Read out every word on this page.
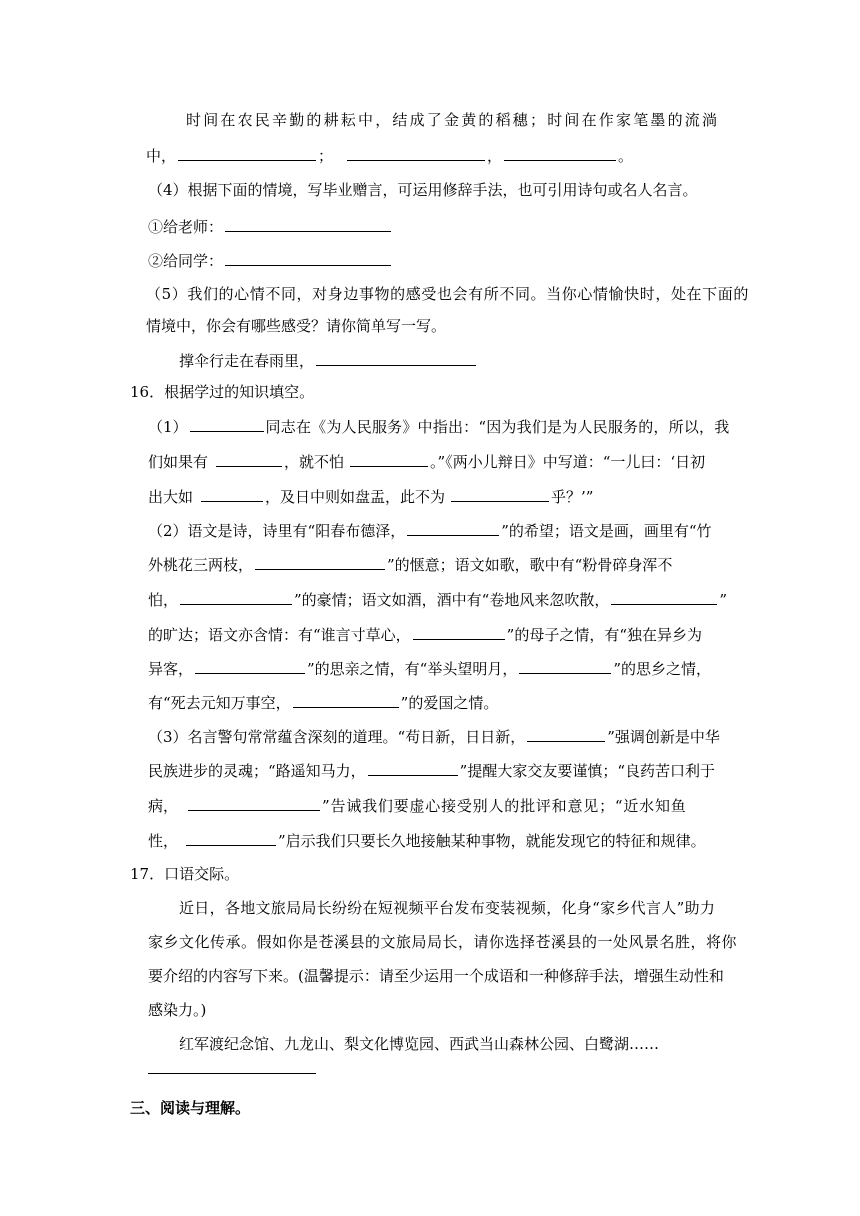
时间在农民辛勤的耕耘中，结成了金黄的稻穗；时间在作家笔墨的流淌
中，	；	，	。
（4）根据下面的情境，写毕业赠言，可运用修辞手法，也可引用诗句或名人名言。
①给老师：
②给同学：
（5）我们的心情不同，对身边事物的感受也会有所不同。当你心情愉快时，处在下面的
情境中，你会有哪些感受？请你简单写一写。
撑伞行走在春雨里，
16．根据学过的知识填空。
（1）	同志在《为人民服务》中指出：“因为我们是为人民服务的，所以，我
们如果有	，就不怕	。”《两小儿辩日》中写道：“一儿曰：‘日初
出大如	，及日中则如盘盂，此不为	乎？’”
（2）语文是诗，诗里有“阳春布德泽，	”的希望；语文是画，画里有“竹
外桃花三两枝，	”的惬意；语文如歌，歌中有“粉骨碎身浑不
怕，	”的豪情；语文如酒，酒中有“卷地风来忽吹散，	”
的旷达；语文亦含情：有“谁言寸草心，	”的母子之情，有“独在异乡为
异客，	”的思亲之情，有“举头望明月，	”的思乡之情，
有“死去元知万事空，	”的爱国之情。
（3）名言警句常常蕴含深刻的道理。“苟日新，日日新，	”强调创新是中华
民族进步的灵魂；“路遥知马力，	”提醒大家交友要谨慎；“良药苦口利于
病，	”告诫我们要虚心接受别人的批评和意见；“近水知鱼
性，	”启示我们只要长久地接触某种事物，就能发现它的特征和规律。
17．口语交际。
近日，各地文旅局局长纷纷在短视频平台发布变装视频，化身“家乡代言人”助力
家乡文化传承。假如你是苍溪县的文旅局局长，请你选择苍溪县的一处风景名胜，将你
要介绍的内容写下来。(温馨提示：请至少运用一个成语和一种修辞手法，增强生动性和
感染力。)
红军渡纪念馆、九龙山、梨文化博览园、西武当山森林公园、白鹭湖……
三、阅读与理解。
